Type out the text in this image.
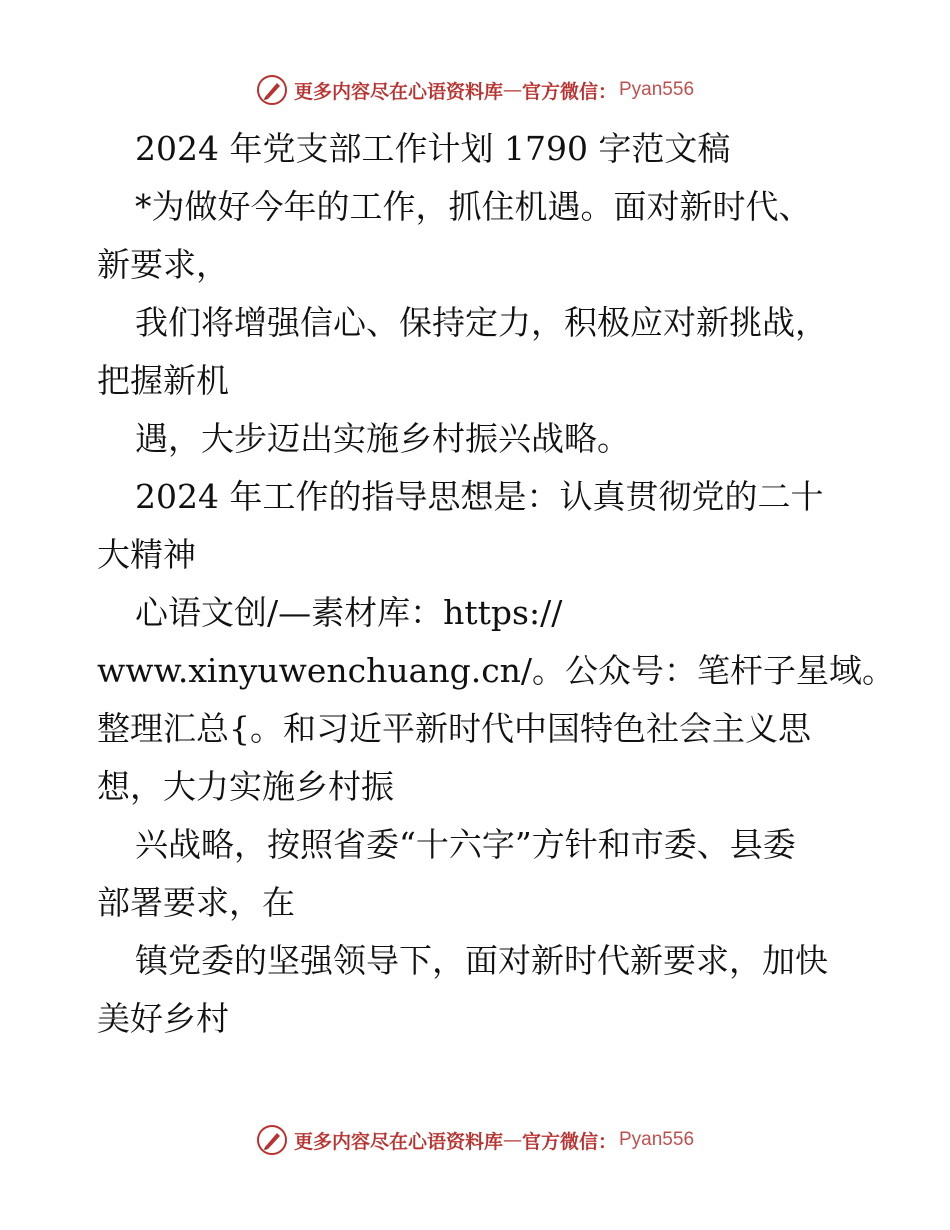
更多内容尽在心语资料库 — 官方微信： Pyan556
2024 年党支部工作计划 1790 字范文稿
*为做好今年的工作，抓住机遇。面对新时代、
新要求，
我们将增强信心、保持定力，积极应对新挑战，
把握新机
遇，大步迈出实施乡村振兴战略。
2024 年工作的指导思想是：认真贯彻党的二十
大精神
心语文创/—素材库：https://
www.xinyuwenchuang.cn/。公众号：笔杆子星域。
整理汇总{。和习近平新时代中国特色社会主义思
想，大力实施乡村振
兴战略，按照省委“十六字”方针和市委、县委
部署要求，在
镇党委的坚强领导下，面对新时代新要求，加快
美好乡村
更多内容尽在心语资料库 — 官方微信： Pyan556
